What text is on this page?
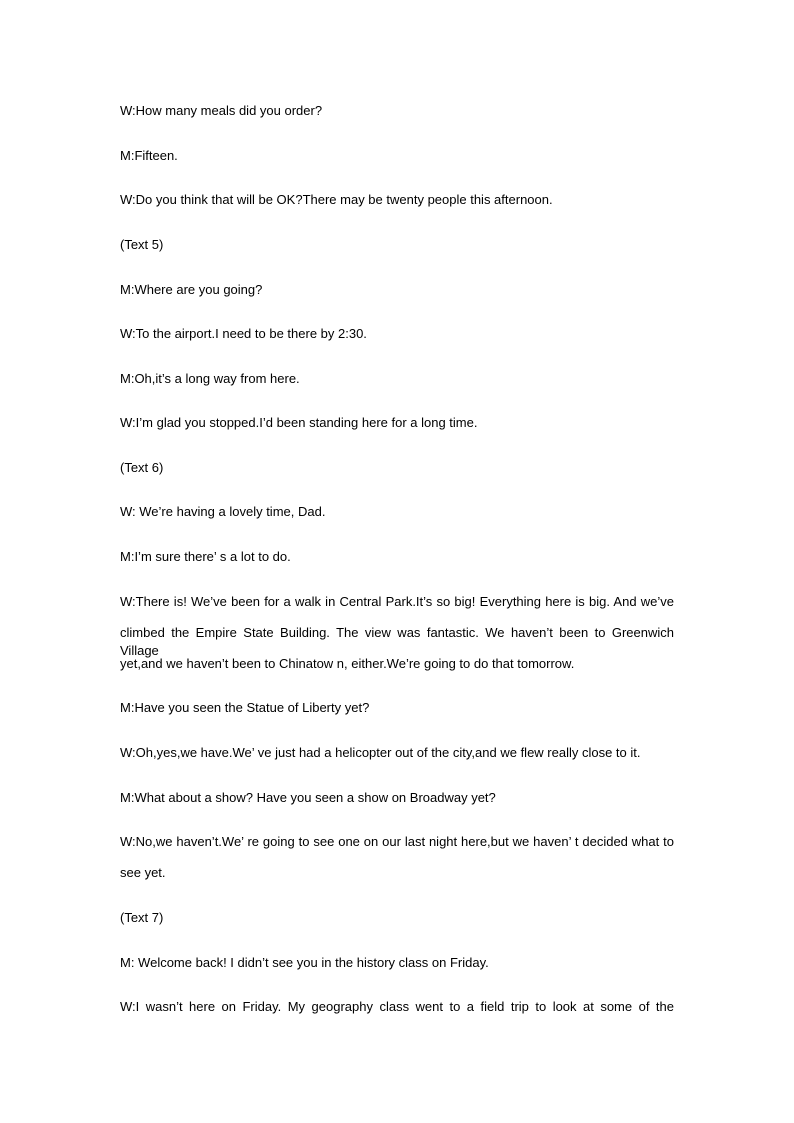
W:How many meals did you order?
M:Fifteen.
W:Do you think that will be OK?There may be twenty people this afternoon.
(Text 5)
M:Where are you going?
W:To the airport.I need to be there by 2:30.
M:Oh,it’s a long way from here.
W:I’m glad you stopped.I’d been standing here for a long time.
(Text 6)
W: We’re having a lovely time, Dad.
M:I’m sure there’ s a lot to do.
W:There is! We’ve been for a walk in Central Park.It’s so big! Everything here is big. And we’ve
climbed the Empire State Building. The view was fantastic. We haven’t been to Greenwich Village
yet,and we haven’t been to Chinatow n, either.We’re going to do that tomorrow.
M:Have you seen the Statue of Liberty yet?
W:Oh,yes,we have.We’ ve just had a helicopter out of the city,and we flew really close to it.
M:What about a show? Have you seen a show on Broadway yet?
W:No,we haven’t.We’ re going to see one on our last night here,but we haven’ t decided what to
see yet.
(Text 7)
M: Welcome back! I didn’t see you in the history class on Friday.
W:I wasn’t here on Friday. My geography class went to a field trip to look at some of the
